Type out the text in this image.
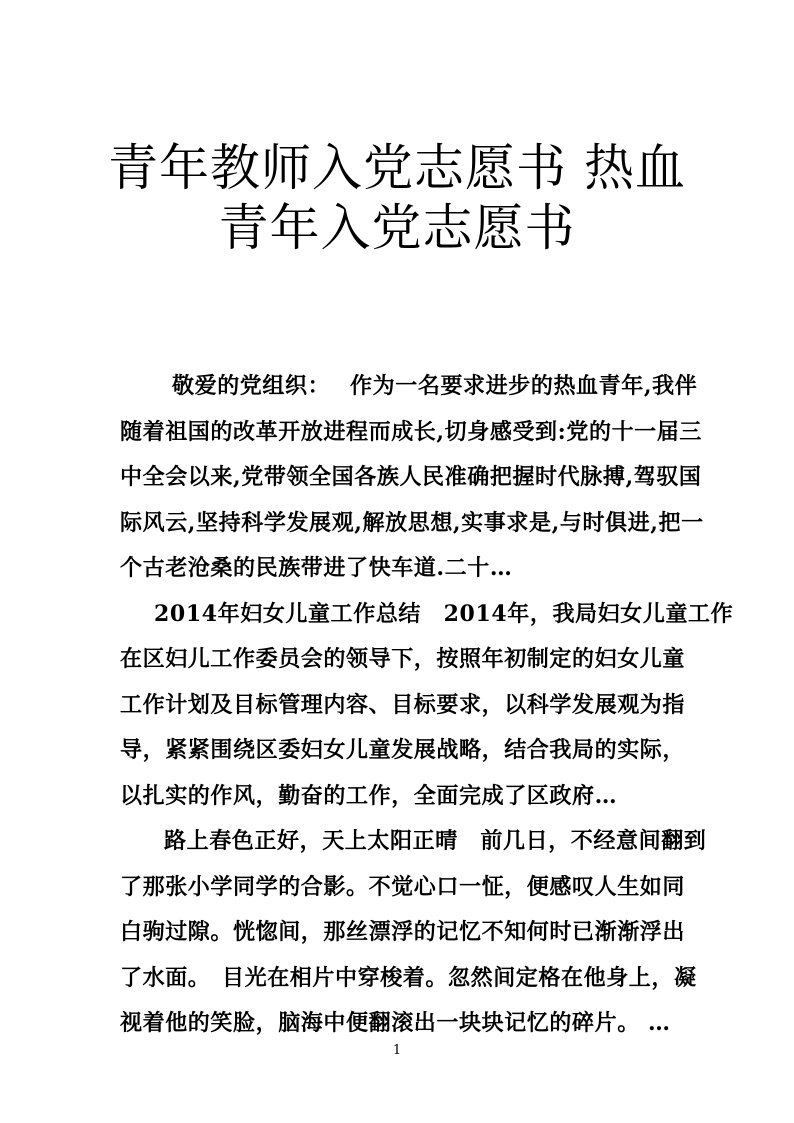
青年教师入党志愿书 热血
青年入党志愿书

敬爱的党组织：　 作为一名要求进步的热血青年,我伴
随着祖国的改革开放进程而成长,切身感受到:党的十一届三
中全会以来,党带领全国各族人民准确把握时代脉搏,驾驭国
际风云,坚持科学发展观,解放思想,实事求是,与时俱进,把一
个古老沧桑的民族带进了快车道.二十…

2014年妇女儿童工作总结　2014年，我局妇女儿童工作
在区妇儿工作委员会的领导下，按照年初制定的妇女儿童
工作计划及目标管理内容、目标要求，以科学发展观为指
导，紧紧围绕区委妇女儿童发展战略，结合我局的实际，
以扎实的作风，勤奋的工作，全面完成了区政府…

路上春色正好，天上太阳正晴　前几日，不经意间翻到
了那张小学同学的合影。不觉心口一怔，便感叹人生如同
白驹过隙。恍惚间，那丝漂浮的记忆不知何时已渐渐浮出
了水面。　目光在相片中穿梭着。忽然间定格在他身上，凝
视着他的笑脸，脑海中便翻滚出一块块记忆的碎片。 …

1
